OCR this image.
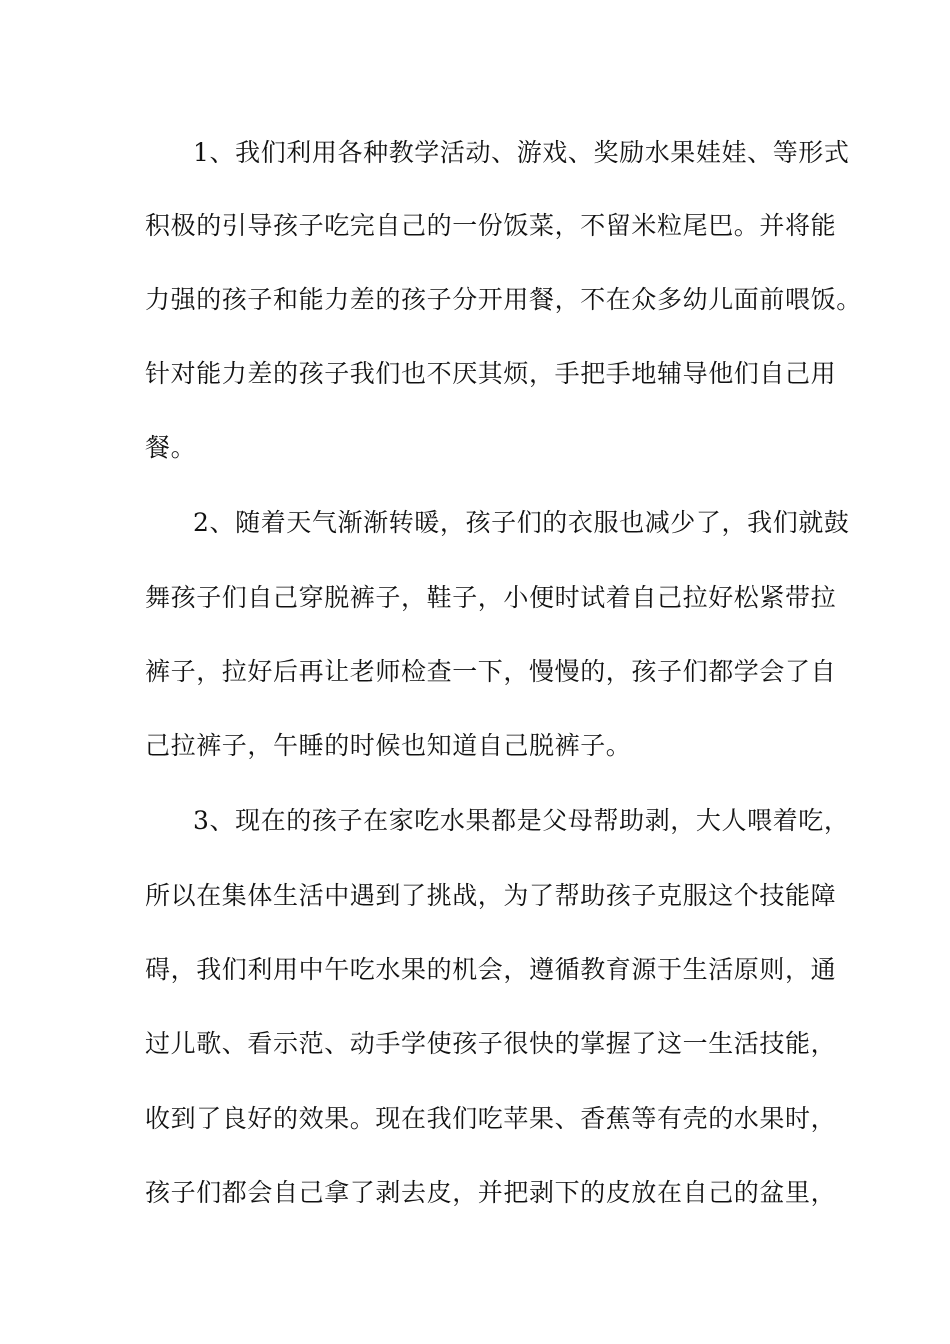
1、我们利用各种教学活动、游戏、奖励水果娃娃、等形式
积极的引导孩子吃完自己的一份饭菜，不留米粒尾巴。并将能
力强的孩子和能力差的孩子分开用餐，不在众多幼儿面前喂饭。
针对能力差的孩子我们也不厌其烦，手把手地辅导他们自己用
餐。
2、随着天气渐渐转暖，孩子们的衣服也减少了，我们就鼓
舞孩子们自己穿脱裤子，鞋子，小便时试着自己拉好松紧带拉
裤子，拉好后再让老师检查一下，慢慢的，孩子们都学会了自
己拉裤子，午睡的时候也知道自己脱裤子。
3、现在的孩子在家吃水果都是父母帮助剥，大人喂着吃，
所以在集体生活中遇到了挑战，为了帮助孩子克服这个技能障
碍，我们利用中午吃水果的机会，遵循教育源于生活原则，通
过儿歌、看示范、动手学使孩子很快的掌握了这一生活技能，
收到了良好的效果。现在我们吃苹果、香蕉等有壳的水果时，
孩子们都会自己拿了剥去皮，并把剥下的皮放在自己的盆里，
